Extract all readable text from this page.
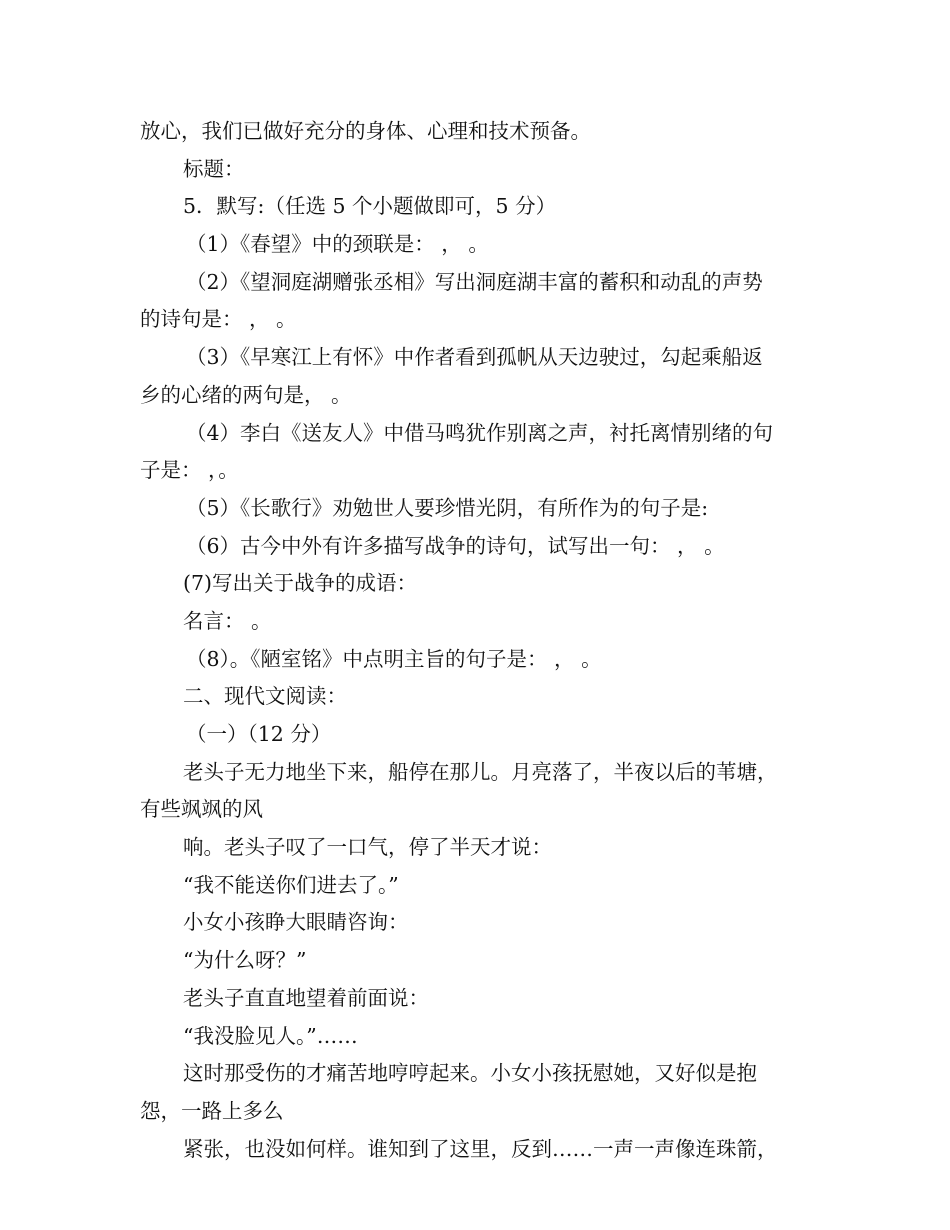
放心，我们已做好充分的身体、心理和技术预备。
标题：
5．默写:（任选 5 个小题做即可，5 分）
（1）《春望》中的颈联是： ， 。
（2）《望洞庭湖赠张丞相》写出洞庭湖丰富的蓄积和动乱的声势
的诗句是： ， 。
（3）《早寒江上有怀》中作者看到孤帆从天边驶过，勾起乘船返
乡的心绪的两句是， 。
（4）李白《送友人》中借马鸣犹作别离之声，衬托离情别绪的句
子是： ，。
（5）《长歌行》劝勉世人要珍惜光阴，有所作为的句子是:
（6）古今中外有许多描写战争的诗句，试写出一句： ， 。
(7)写出关于战争的成语：
名言： 。
（8）。《陋室铭》中点明主旨的句子是： ， 。
二、现代文阅读：
（一）（12 分）
老头子无力地坐下来，船停在那儿。月亮落了，半夜以后的苇塘，
有些飒飒的风
响。老头子叹了一口气，停了半天才说：
“我不能送你们进去了。”
小女小孩睁大眼睛咨询：
“为什么呀？”
老头子直直地望着前面说：
“我没脸见人。”……
这时那受伤的才痛苦地哼哼起来。小女小孩抚慰她，又好似是抱
怨，一路上多么
紧张，也没如何样。谁知到了这里，反到……一声一声像连珠箭，
